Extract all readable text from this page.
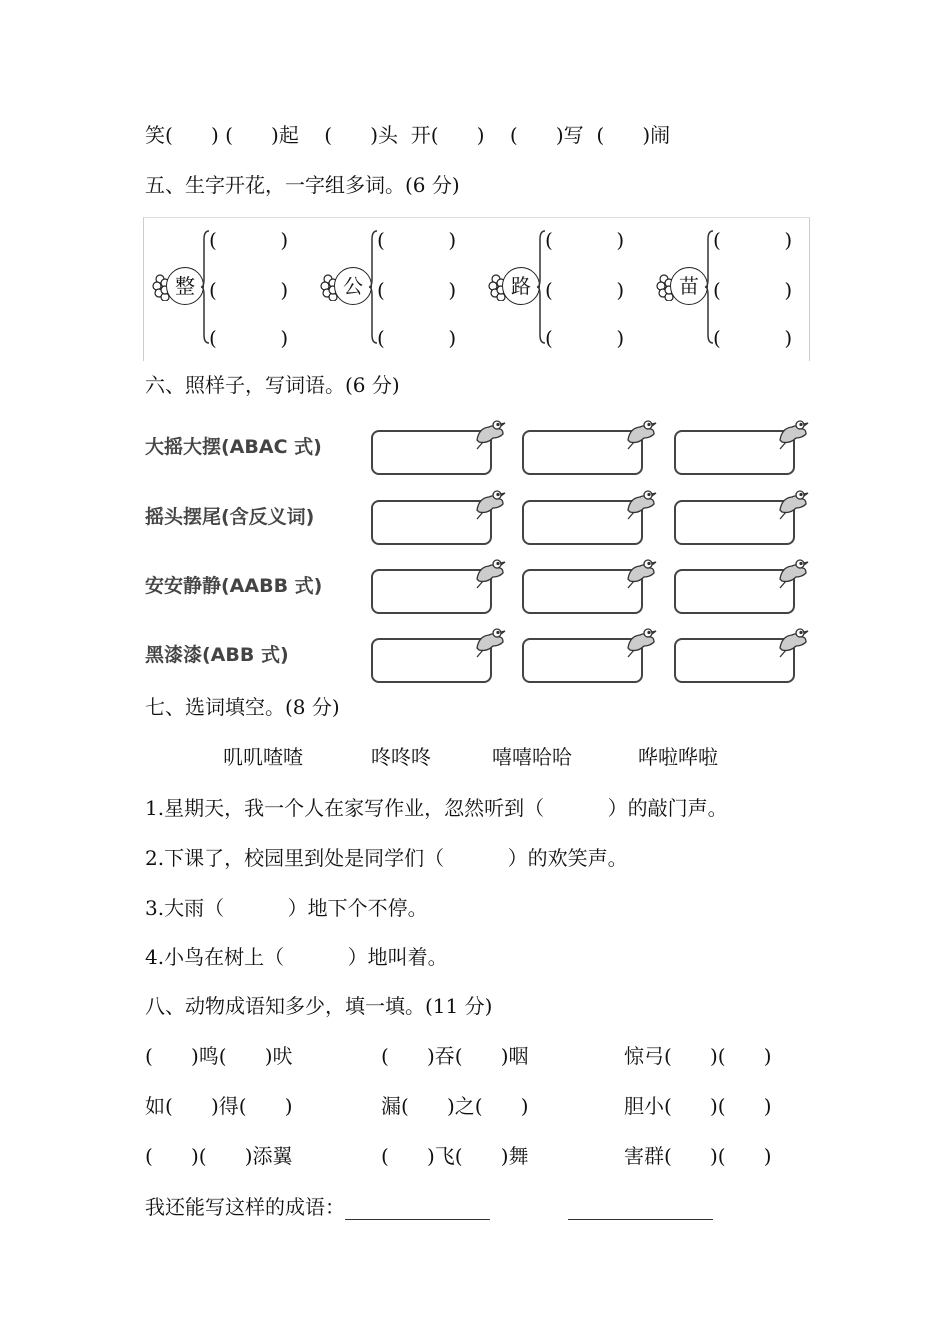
笑(      ) (      )起    (      )头  开(      )    (      )写  (      )闹
五、生字开花，一字组多词。(6 分)
整
(          )
(          )
(          )
公
(          )
(          )
(          )
路
(          )
(          )
(          )
苗
(          )
(          )
(          )
六、照样子，写词语。(6 分)
大摇大摆(ABAC 式)
摇头摆尾(含反义词)
安安静静(AABB 式)
黑漆漆(ABB 式)
七、选词填空。(8 分)
叽叽喳喳	咚咚咚	嘻嘻哈哈	哗啦哗啦
1.星期天，我一个人在家写作业，忽然听到（          ）的敲门声。
2.下课了，校园里到处是同学们（          ）的欢笑声。
3.大雨（          ）地下个不停。
4.小鸟在树上（          ）地叫着。
八、动物成语知多少，填一填。(11 分)
(      )鸣(      )吠	(      )吞(      )咽	惊弓(      )(      )
如(      )得(      )	漏(      )之(      )	胆小(      )(      )
(      )(      )添翼	(      )飞(      )舞	害群(      )(      )
我还能写这样的成语：
